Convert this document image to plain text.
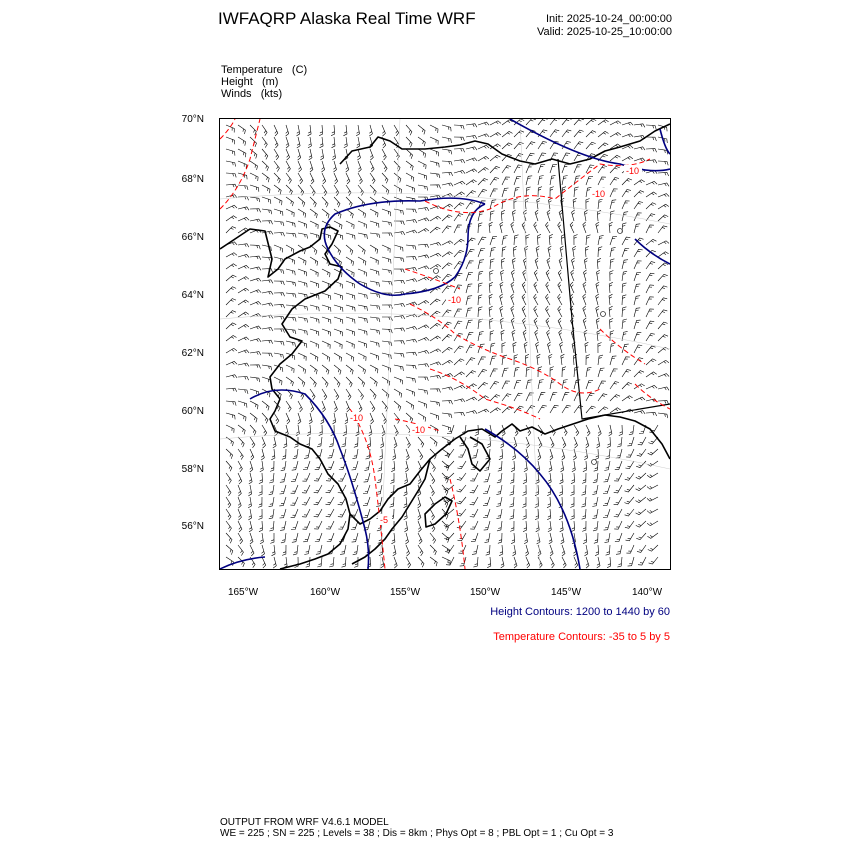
IWFAQRP Alaska Real Time WRF	Init: 2025-10-24_00:00:00
Valid: 2025-10-25_10:00:00
Temperature   (C)
Height   (m)
Winds   (kts)
-10
-10
-10
-10
-10
-5
70°N
68°N
66°N
64°N
62°N
60°N
58°N
56°N
165°W	160°W	155°W	150°W	145°W	140°W
Height Contours: 1200 to 1440 by 60
Temperature Contours: -35 to 5 by 5
OUTPUT FROM WRF V4.6.1 MODEL
WE = 225 ; SN = 225 ; Levels = 38 ; Dis = 8km ; Phys Opt = 8 ; PBL Opt = 1 ; Cu Opt = 3
